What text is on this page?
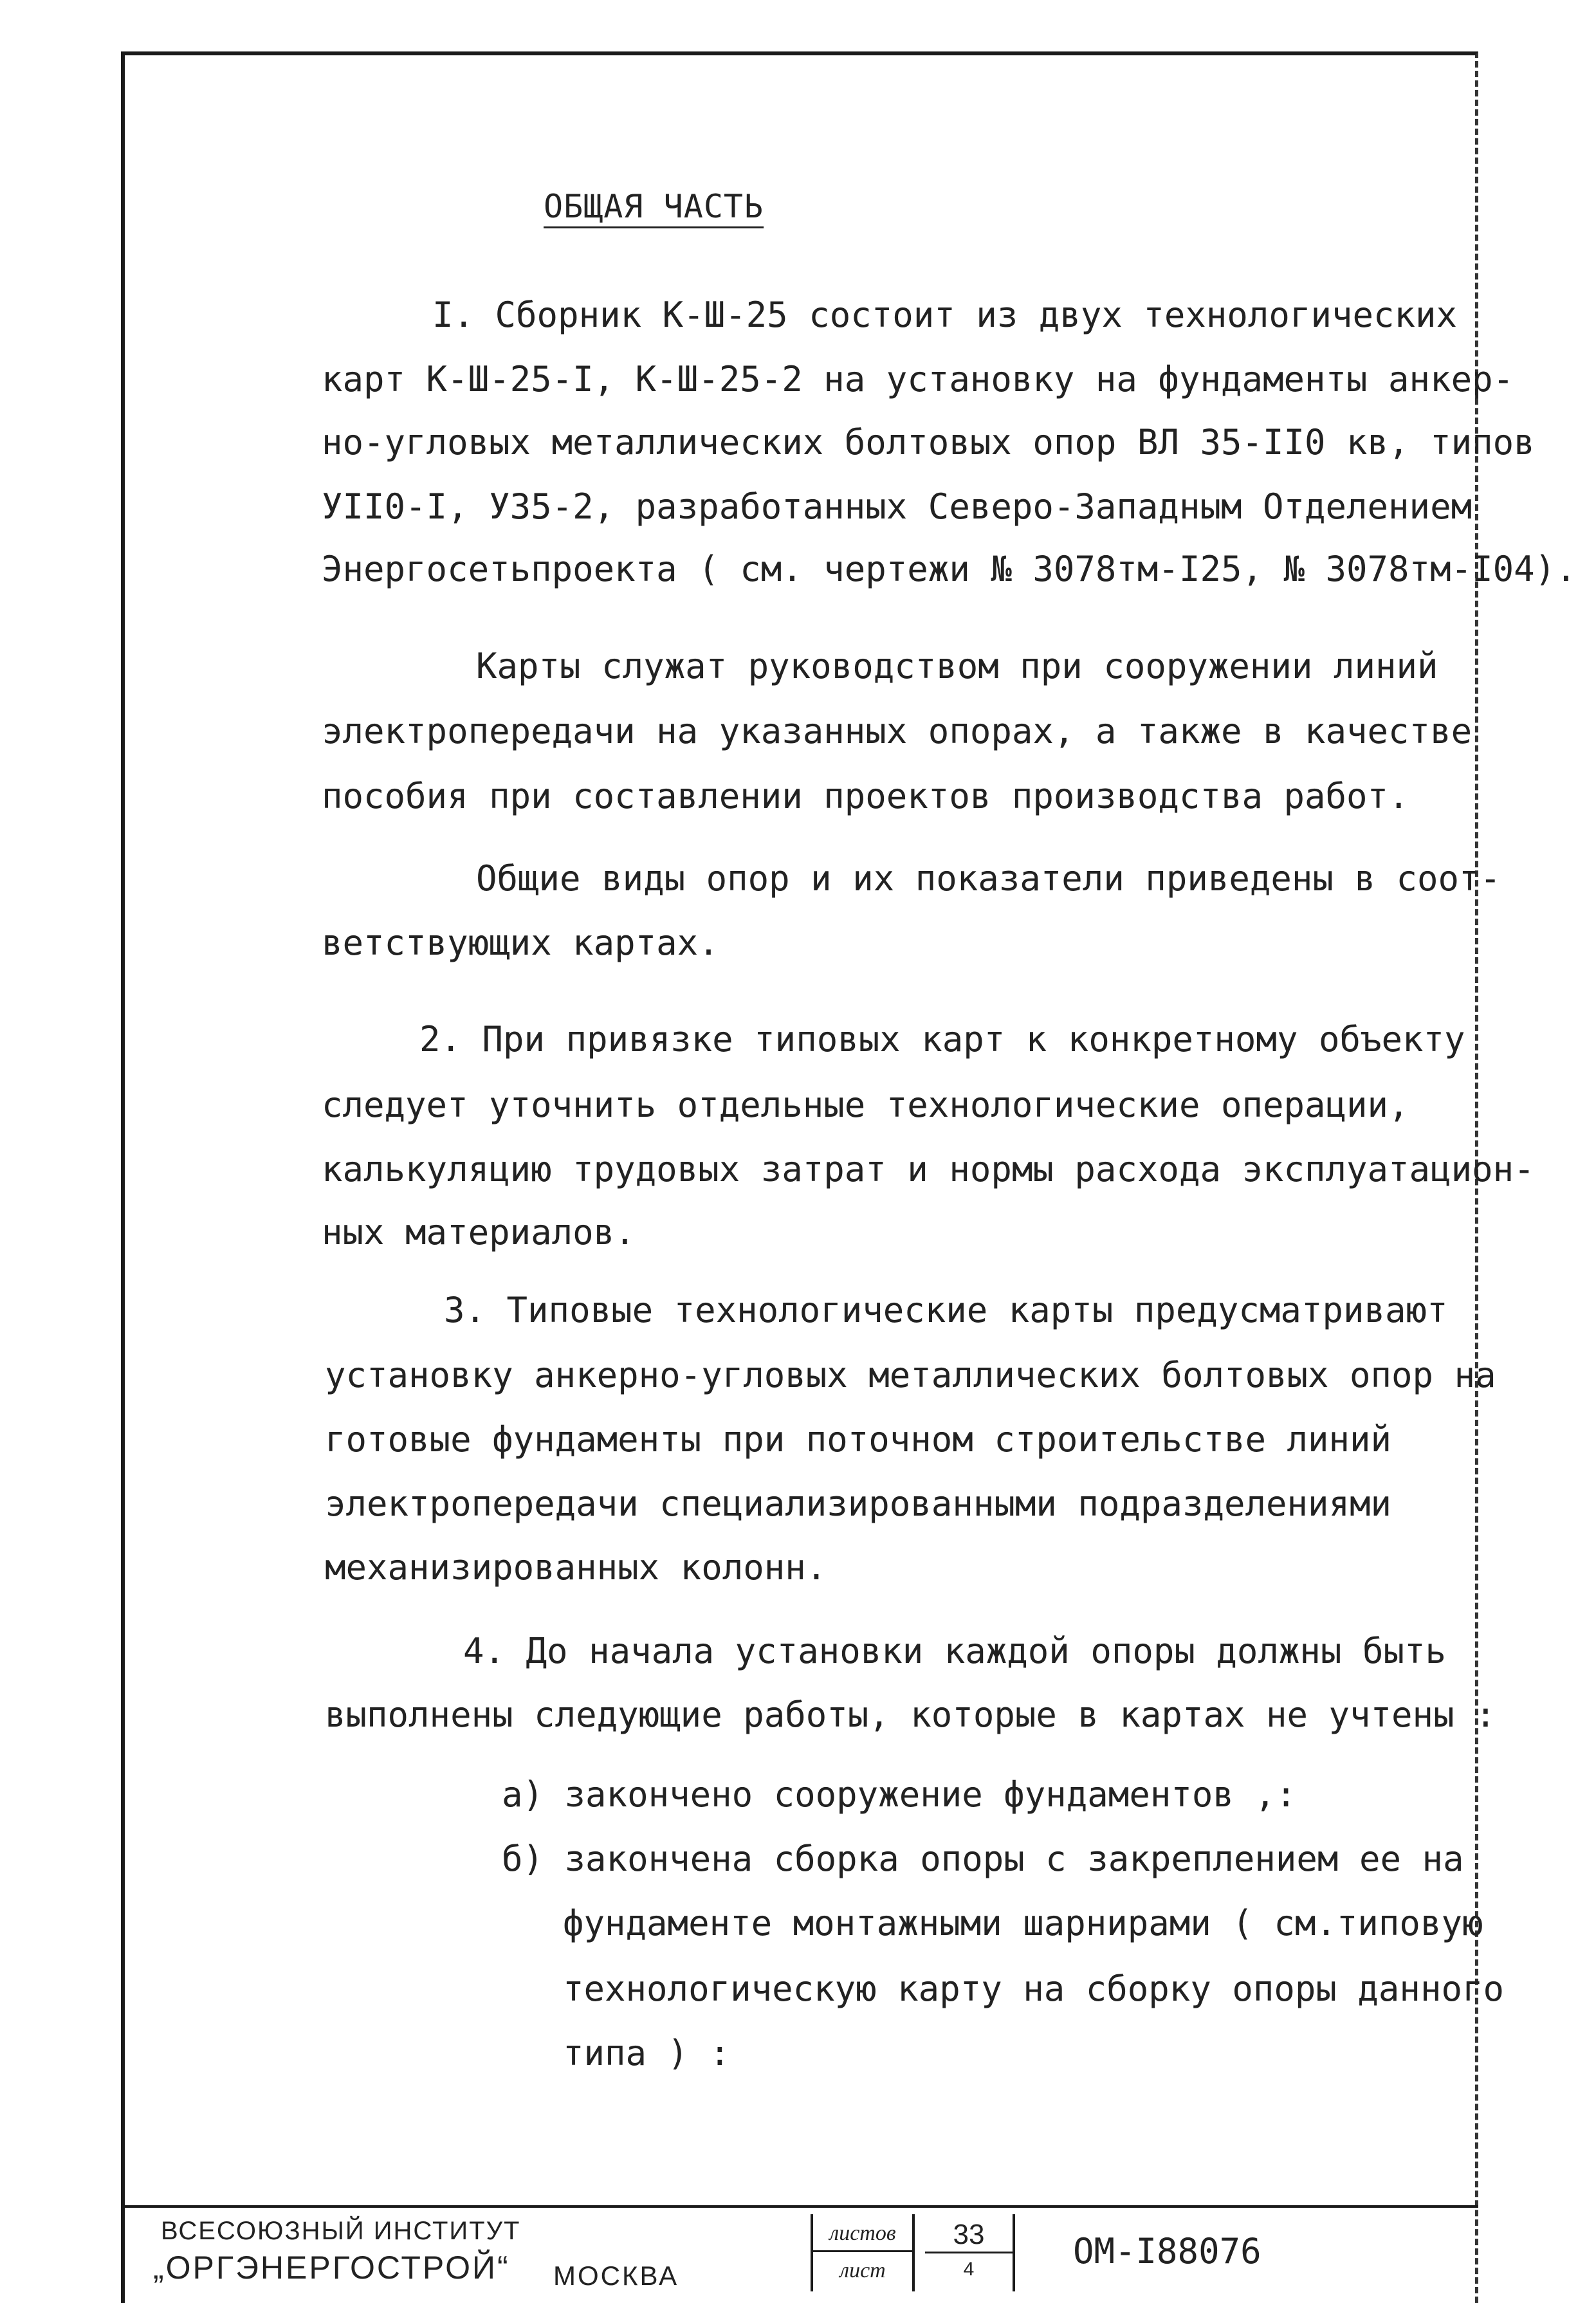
ОБЩАЯ ЧАСТЬ
I. Сборник К-Ш-25 состоит из двух технологических
карт К-Ш-25-I, К-Ш-25-2 на установку на фундаменты анкер-
но-угловых металлических болтовых опор ВЛ 35-II0 кв, типов
УII0-I, У35-2, разработанных Северо-Западным Отделением
Энергосетьпроекта ( см. чертежи № 3078тм-I25, № 3078тм-I04).
Карты служат руководством при сооружении линий
электропередачи на указанных опорах, а также в качестве
пособия при составлении проектов производства работ.
Общие виды опор и их показатели приведены в соот-
ветствующих картах.
2. При привязке типовых карт к конкретному объекту
следует уточнить отдельные технологические операции,
калькуляцию трудовых затрат и нормы расхода эксплуатацион-
ных материалов.
3. Типовые технологические карты предусматривают
установку анкерно-угловых металлических болтовых опор на
готовые фундаменты при поточном строительстве линий
электропередачи специализированными подразделениями
механизированных колонн.
4. До начала установки каждой опоры должны быть
выполнены следующие работы, которые в картах не учтены :
а) закончено сооружение фундаментов ,:
б) закончена сборка опоры с закреплением ее на
фундаменте монтажными шарнирами ( см.типовую
технологическую карту на сборку опоры данного
типа ) :
ВСЕСОЮЗНЫЙ ИНСТИТУТ
„ОРГЭНЕРГОСТРОЙ“ МОСКВА
листов
лист
33
4	ОМ-I88076
